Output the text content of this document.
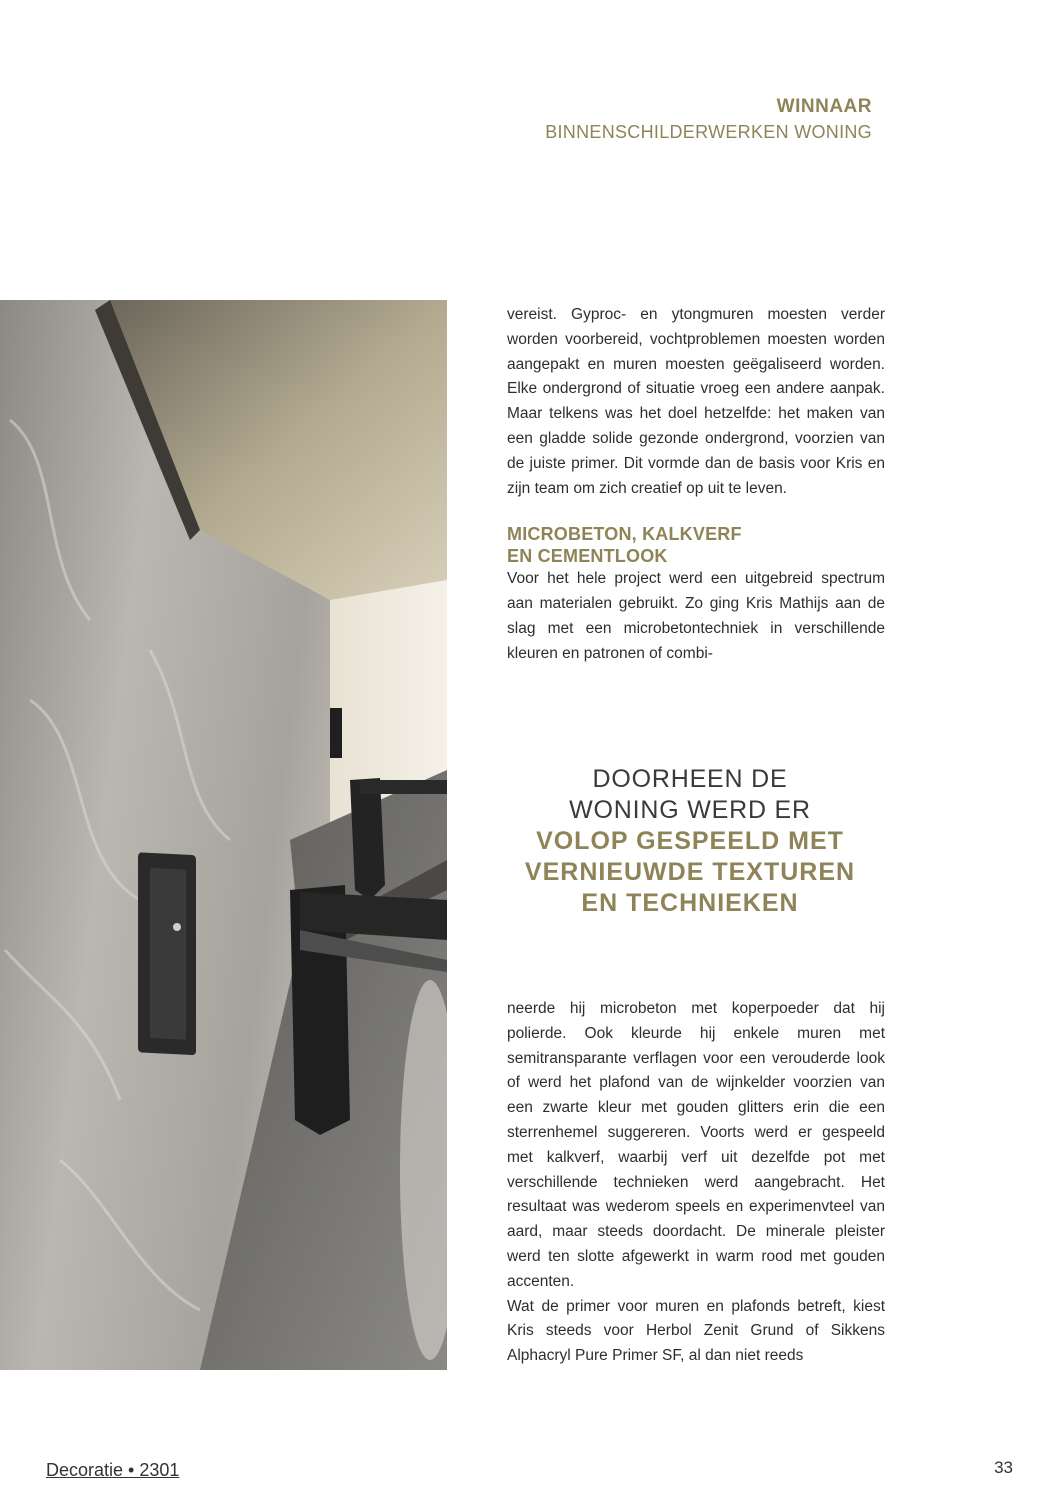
WINNAAR
BINNENSCHILDERWERKEN WONING

vereist. Gyproc- en ytongmuren moesten verder worden voorbereid, vochtproblemen moesten worden aangepakt en muren moesten geëgaliseerd worden. Elke ondergrond of situatie vroeg een andere aanpak. Maar telkens was het doel hetzelfde: het maken van een gladde solide gezonde ondergrond, voorzien van de juiste primer. Dit vormde dan de basis voor Kris en zijn team om zich creatief op uit te leven.

MICROBETON, KALKVERF
EN CEMENTLOOK

Voor het hele project werd een uitgebreid spectrum aan materialen gebruikt. Zo ging Kris Mathijs aan de slag met een microbetontechniek in verschillende kleuren en patronen of combi-

DOORHEEN DE
WONING WERD ER
VOLOP GESPEELD MET
VERNIEUWDE TEXTUREN
EN TECHNIEKEN

neerde hij microbeton met koperpoeder dat hij polierde. Ook kleurde hij enkele muren met semitransparante verflagen voor een verouderde look of werd het plafond van de wijnkelder voorzien van een zwarte kleur met gouden glitters erin die een sterrenhemel suggereren. Voorts werd er gespeeld met kalkverf, waarbij verf uit dezelfde pot met verschillende technieken werd aangebracht. Het resultaat was wederom speels en experimenvteel van aard, maar steeds doordacht. De minerale pleister werd ten slotte afgewerkt in warm rood met gouden accenten.

Wat de primer voor muren en plafonds betreft, kiest Kris steeds voor Herbol Zenit Grund of Sikkens Alphacryl Pure Primer SF, al dan niet reeds

Decoratie • 2301	33
